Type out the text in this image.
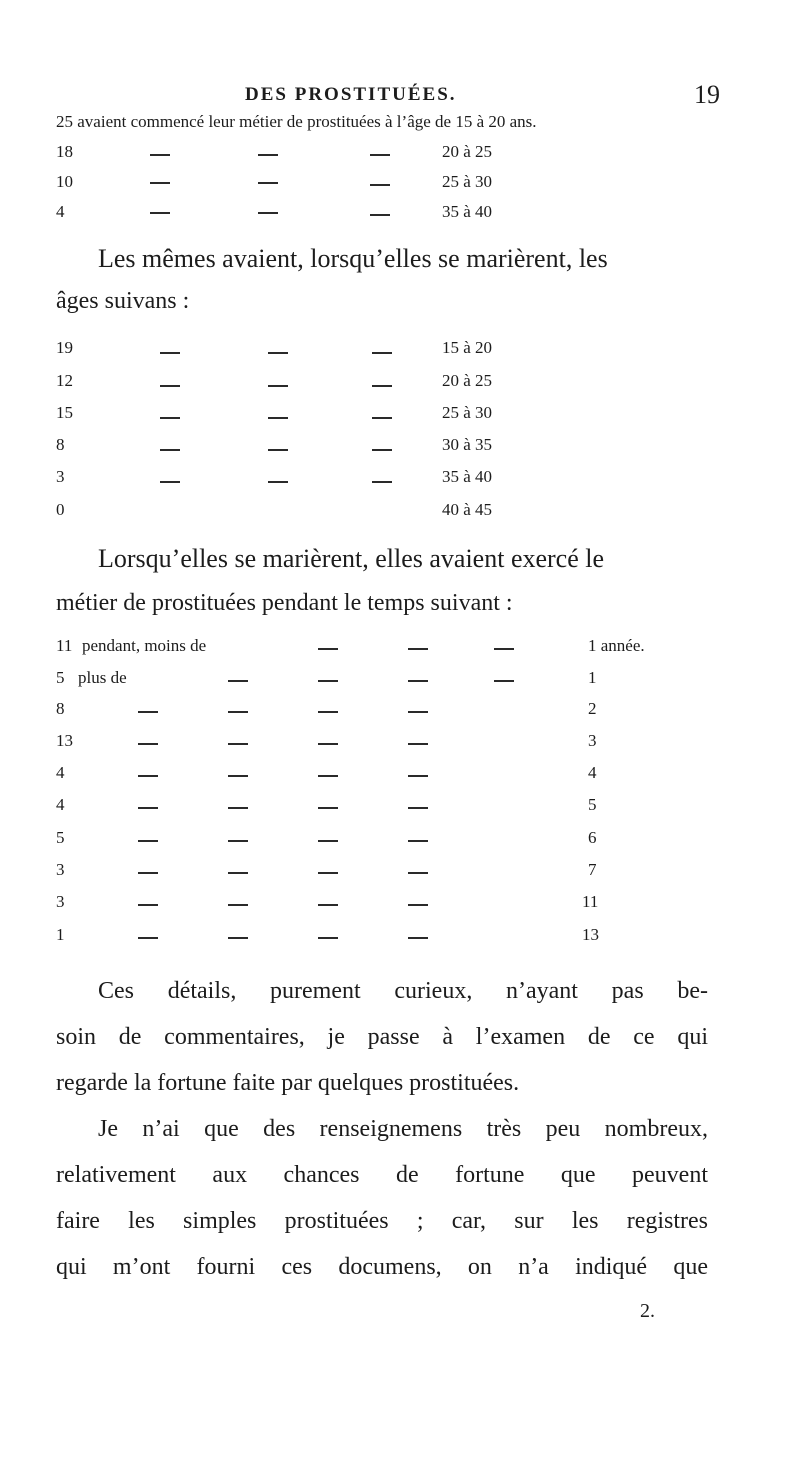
DES PROSTITUÉES.	19
25 avaient commencé leur métier de prostituées à l’âge de 15 à 20 ans.
18	20 à 25
10	25 à 30
4	35 à 40
Les mêmes avaient, lorsqu’elles se marièrent, les
âges suivans :
19	15 à 20
12	20 à 25
15	25 à 30
8	30 à 35
3	35 à 40
0	40 à 45
Lorsqu’elles se marièrent, elles avaient exercé le
métier de prostituées pendant le temps suivant :
11 pendant, moins de	1 année.
5 plus de	1
8	2
13	3
4	4
4	5
5	6
3	7
3	11
1	13
Ces détails, purement curieux, n’ayant pas be-
soin de commentaires, je passe à l’examen de ce qui
regarde la fortune faite par quelques prostituées.
Je n’ai que des renseignemens très peu nombreux,
relativement aux chances de fortune que peuvent
faire les simples prostituées ; car, sur les registres
qui m’ont fourni ces documens, on n’a indiqué que
2.
